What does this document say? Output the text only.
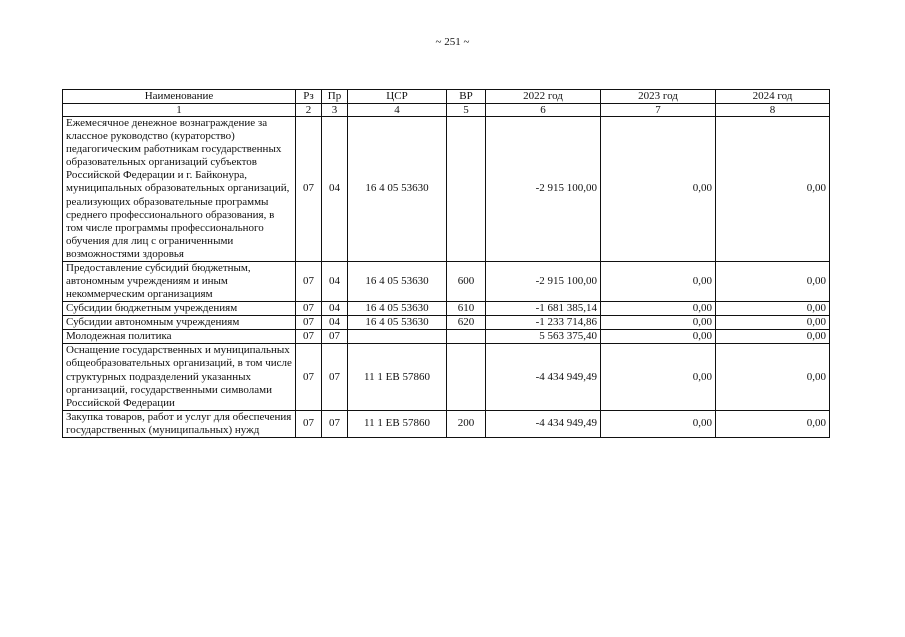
~ 251 ~
Наименование	Рз	Пр	ЦСР	ВР	2022 год	2023 год	2024 год
1	2	3	4	5	6	7	8
Ежемесячное денежное вознаграждение за классное руководство (кураторство) педагогическим работникам государственных образовательных организаций субъектов Российской Федерации и г. Байконура, муниципальных образовательных организаций, реализующих образовательные программы среднего профессионального образования, в том числе программы профессионального обучения для лиц с ограниченными возможностями здоровья	07	04	16 4 05 53630		-2 915 100,00	0,00	0,00
Предоставление субсидий бюджетным, автономным учреждениям и иным некоммерческим организациям	07	04	16 4 05 53630	600	-2 915 100,00	0,00	0,00
Субсидии бюджетным учреждениям	07	04	16 4 05 53630	610	-1 681 385,14	0,00	0,00
Субсидии автономным учреждениям	07	04	16 4 05 53630	620	-1 233 714,86	0,00	0,00
Молодежная политика	07	07			5 563 375,40	0,00	0,00
Оснащение государственных и муниципальных общеобразовательных организаций, в том числе структурных подразделений указанных организаций, государственными символами Российской Федерации	07	07	11 1 ЕВ 57860		-4 434 949,49	0,00	0,00
Закупка товаров, работ и услуг для обеспечения государственных (муниципальных) нужд	07	07	11 1 ЕВ 57860	200	-4 434 949,49	0,00	0,00
